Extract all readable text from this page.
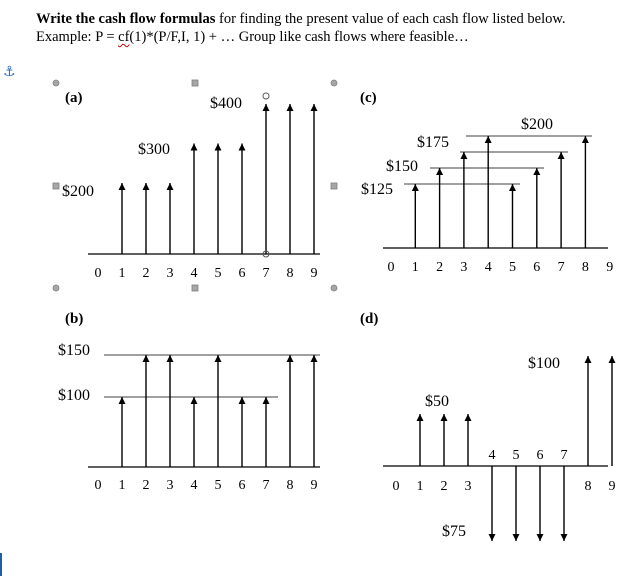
Write the cash flow formulas for finding the present value of each cash flow listed below.

Example: P = cf(1)*(P/F,I, 1) + … Group like cash flows where feasible…

⚓
(a)
0 1 2 3 4 5 6 7 8 9
$200
$300
$400
(b)
0 1 2 3 4 5 6 7 8 9
$150
$100
(c)
0 1 2 3 4 5 6 7 8 9
$200
$175
$150
$125
(d)
0 1 2 3
4 5 6 7
8 9
$50
$75
$100
